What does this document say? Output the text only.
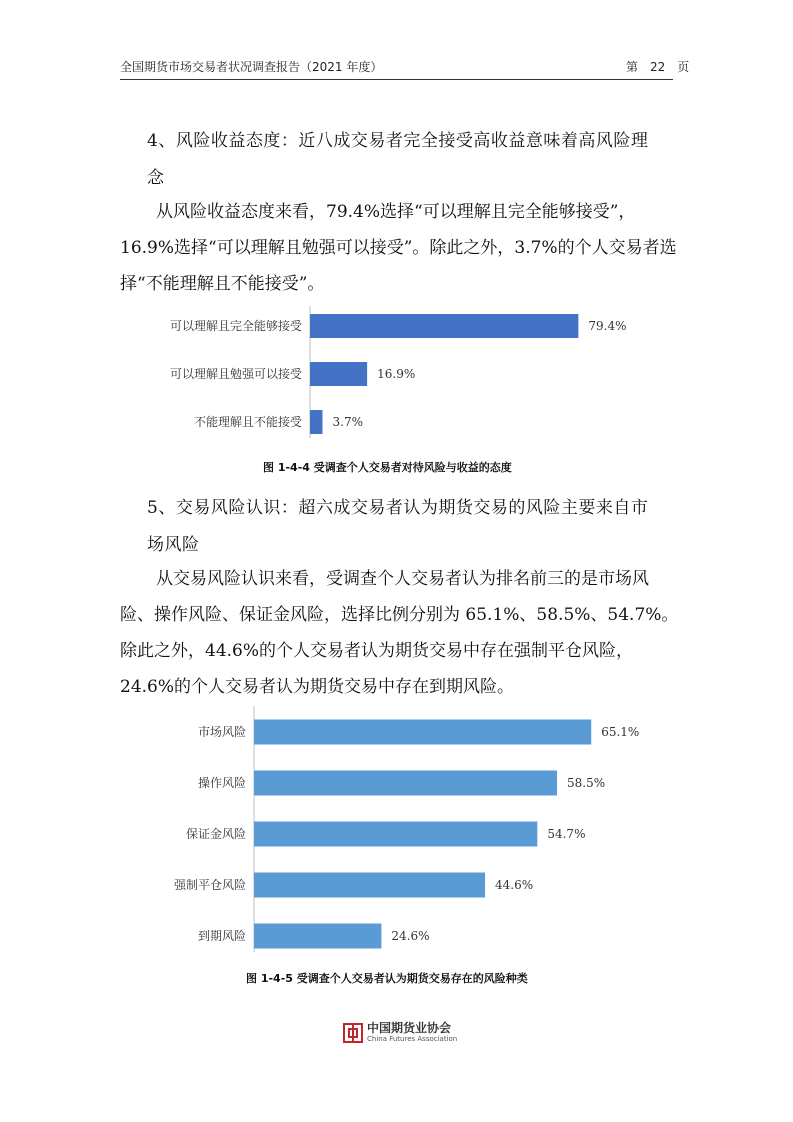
全国期货市场交易者状况调查报告（2021 年度）	第 22 页
4、风险收益态度：近八成交易者完全接受高收益意味着高风险理
念
从风险收益态度来看，79.4%选择“可以理解且完全能够接受”，16.9%选择“可以理解且勉强可以接受”。除此之外，3.7%的个人交易者选择“不能理解且不能接受”。
可以理解且完全能够接受	79.4%
可以理解且勉强可以接受	16.9%
不能理解且不能接受	3.7%
图 1-4-4 受调查个人交易者对待风险与收益的态度
5、交易风险认识：超六成交易者认为期货交易的风险主要来自市
场风险
从交易风险认识来看，受调查个人交易者认为排名前三的是市场风险、操作风险、保证金风险，选择比例分别为 65.1%、58.5%、54.7%。除此之外，44.6%的个人交易者认为期货交易中存在强制平仓风险，24.6%的个人交易者认为期货交易中存在到期风险。
市场风险	65.1%
操作风险	58.5%
保证金风险	54.7%
强制平仓风险	44.6%
到期风险	24.6%
图 1-4-5 受调查个人交易者认为期货交易存在的风险种类
中国期货业协会
China Futures Association
